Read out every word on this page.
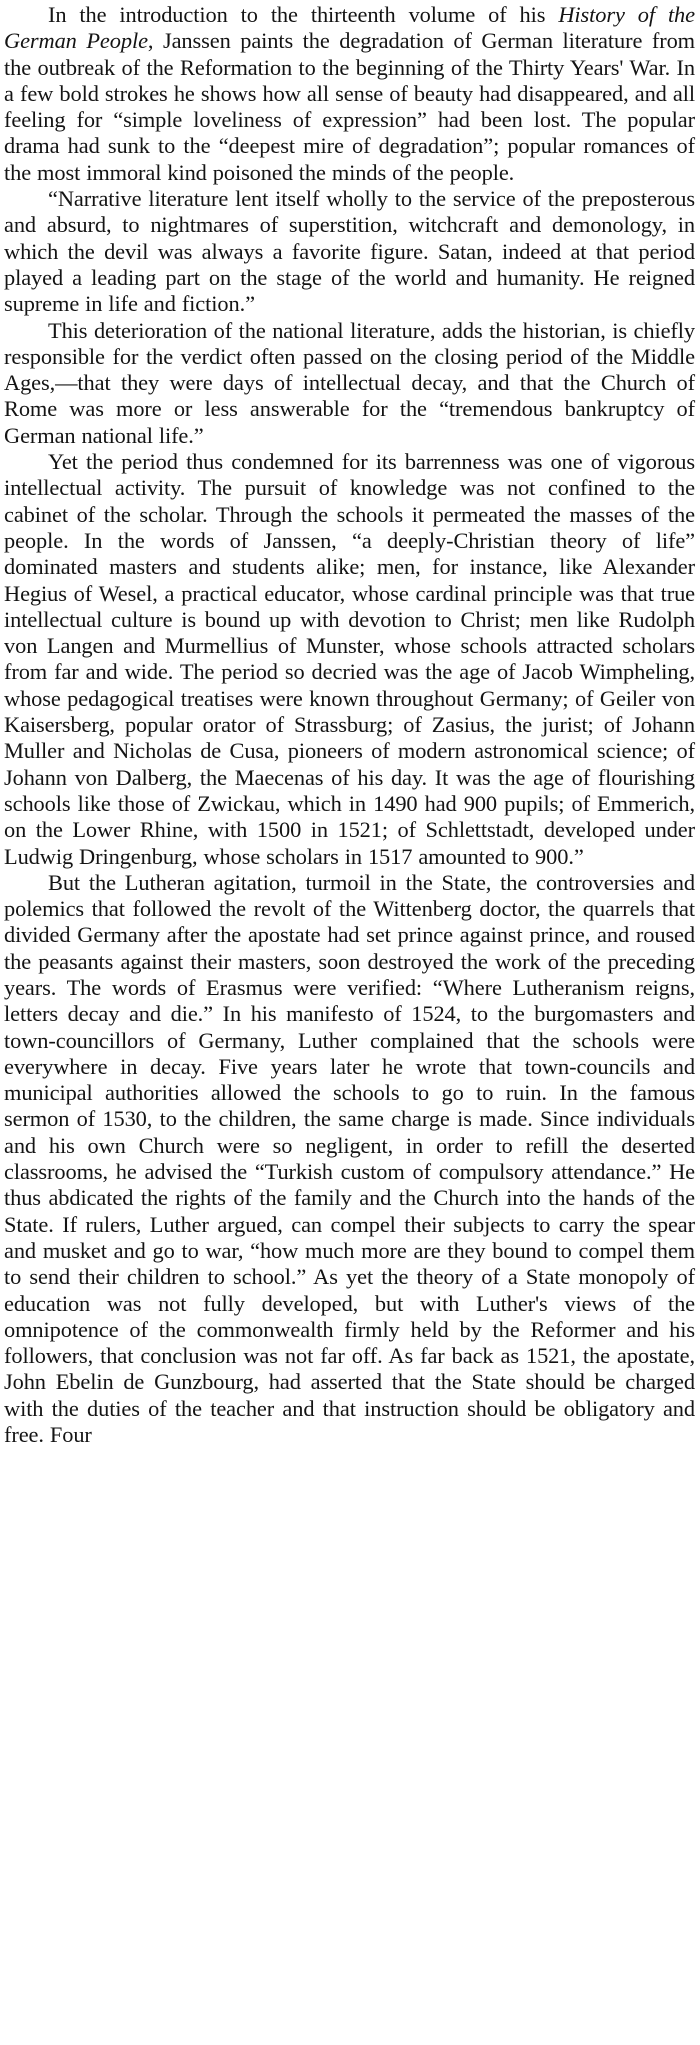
In the introduction to the thirteenth volume of his History of the German People, Janssen paints the degradation of German literature from the outbreak of the Reformation to the beginning of the Thirty Years' War. In a few bold strokes he shows how all sense of beauty had disappeared, and all feeling for “simple loveliness of expression” had been lost. The popular drama had sunk to the “deepest mire of degradation”; popular romances of the most immoral kind poisoned the minds of the people.

“Narrative literature lent itself wholly to the service of the preposterous and absurd, to nightmares of superstition, witchcraft and demonology, in which the devil was always a favorite figure. Satan, indeed at that period played a leading part on the stage of the world and humanity. He reigned supreme in life and fiction.”

This deterioration of the national literature, adds the historian, is chiefly responsible for the verdict often passed on the closing period of the Middle Ages,—that they were days of intellectual decay, and that the Church of Rome was more or less answerable for the “tremendous bankruptcy of German national life.”

Yet the period thus condemned for its barrenness was one of vigorous intellectual activity. The pursuit of knowledge was not confined to the cabinet of the scholar. Through the schools it permeated the masses of the people. In the words of Janssen, “a deeply-Christian theory of life” dominated masters and students alike; men, for instance, like Alexander Hegius of Wesel, a practical educator, whose cardinal principle was that true intellectual culture is bound up with devotion to Christ; men like Rudolph von Langen and Murmellius of Munster, whose schools attracted scholars from far and wide. The period so decried was the age of Jacob Wimpheling, whose pedagogical treatises were known throughout Germany; of Geiler von Kaisersberg, popular orator of Strassburg; of Zasius, the jurist; of Johann Muller and Nicholas de Cusa, pioneers of modern astronomical science; of Johann von Dalberg, the Maecenas of his day. It was the age of flourishing schools like those of Zwickau, which in 1490 had 900 pupils; of Emmerich, on the Lower Rhine, with 1500 in 1521; of Schlettstadt, developed under Ludwig Dringenburg, whose scholars in 1517 amounted to 900.”

But the Lutheran agitation, turmoil in the State, the controversies and polemics that followed the revolt of the Wittenberg doctor, the quarrels that divided Germany after the apostate had set prince against prince, and roused the peasants against their masters, soon destroyed the work of the preceding years. The words of Erasmus were verified: “Where Lutheranism reigns, letters decay and die.” In his manifesto of 1524, to the burgomasters and town-councillors of Germany, Luther complained that the schools were everywhere in decay. Five years later he wrote that town-councils and municipal authorities allowed the schools to go to ruin. In the famous sermon of 1530, to the children, the same charge is made. Since individuals and his own Church were so negligent, in order to refill the deserted classrooms, he advised the “Turkish custom of compulsory attendance.” He thus abdicated the rights of the family and the Church into the hands of the State. If rulers, Luther argued, can compel their subjects to carry the spear and musket and go to war, “how much more are they bound to compel them to send their children to school.” As yet the theory of a State monopoly of education was not fully developed, but with Luther's views of the omnipotence of the commonwealth firmly held by the Reformer and his followers, that conclusion was not far off. As far back as 1521, the apostate, John Ebelin de Gunzbourg, had asserted that the State should be charged with the duties of the teacher and that instruction should be obligatory and free. Four
